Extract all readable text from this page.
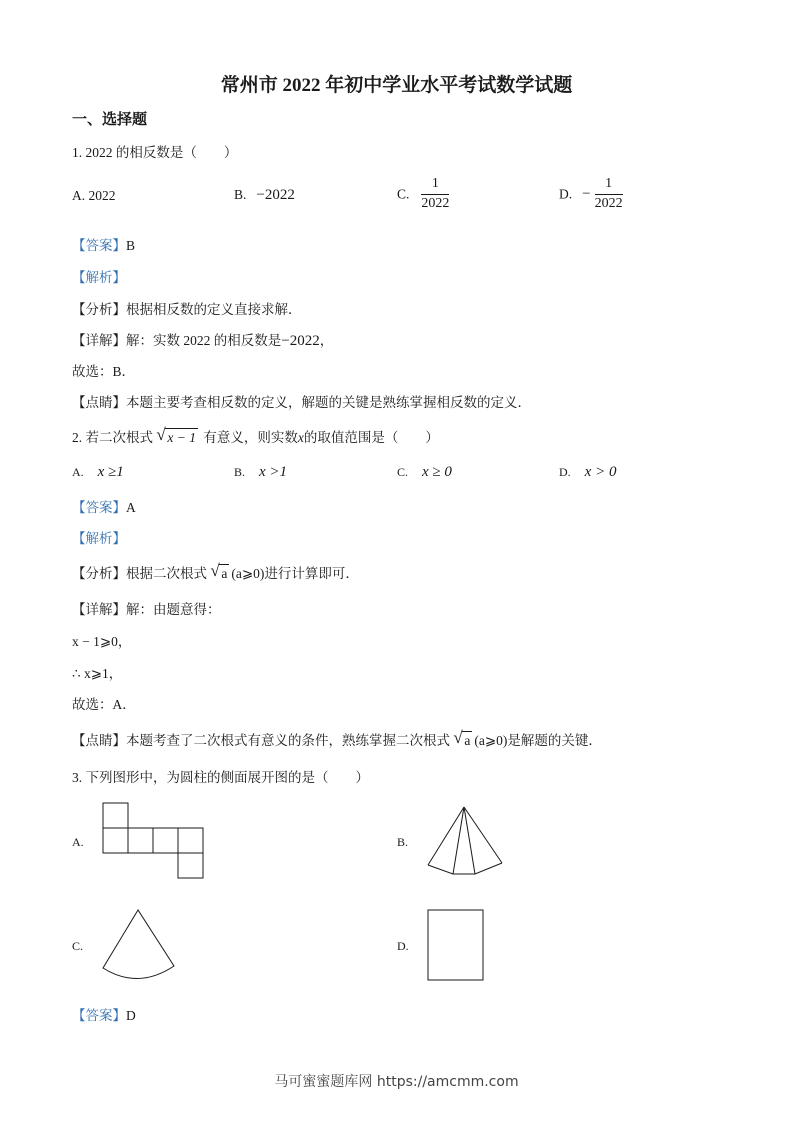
常州市 2022 年初中学业水平考试数学试题
一、选择题
1. 2022 的相反数是（　　）
A. 2022	B. −2022	C. $\frac{1}{2022}$	D. − $\frac{1}{2022}$
【答案】B
【解析】
【分析】根据相反数的定义直接求解．
【详解】解：实数 2022 的相反数是−2022，
故选：B．
【点睛】本题主要考查相反数的定义，解题的关键是熟练掌握相反数的定义．
2. 若二次根式 √ x − 1 有意义，则实数x的取值范围是（　　）
A. x ≥1	B. x >1	C. x ≥ 0	D. x > 0
【答案】A
【解析】
【分析】根据二次根式 √ a (a⩾0)进行计算即可．
【详解】解：由题意得：
x − 1⩾0，
∴ x⩾1，
故选：A．
【点睛】本题考查了二次根式有意义的条件，熟练掌握二次根式 √ a (a⩾0)是解题的关键．
3. 下列图形中，为圆柱的侧面展开图的是（　　）
A.	B.
C.	D.
【答案】D
马可蜜蜜题库网 https://amcmm.com
